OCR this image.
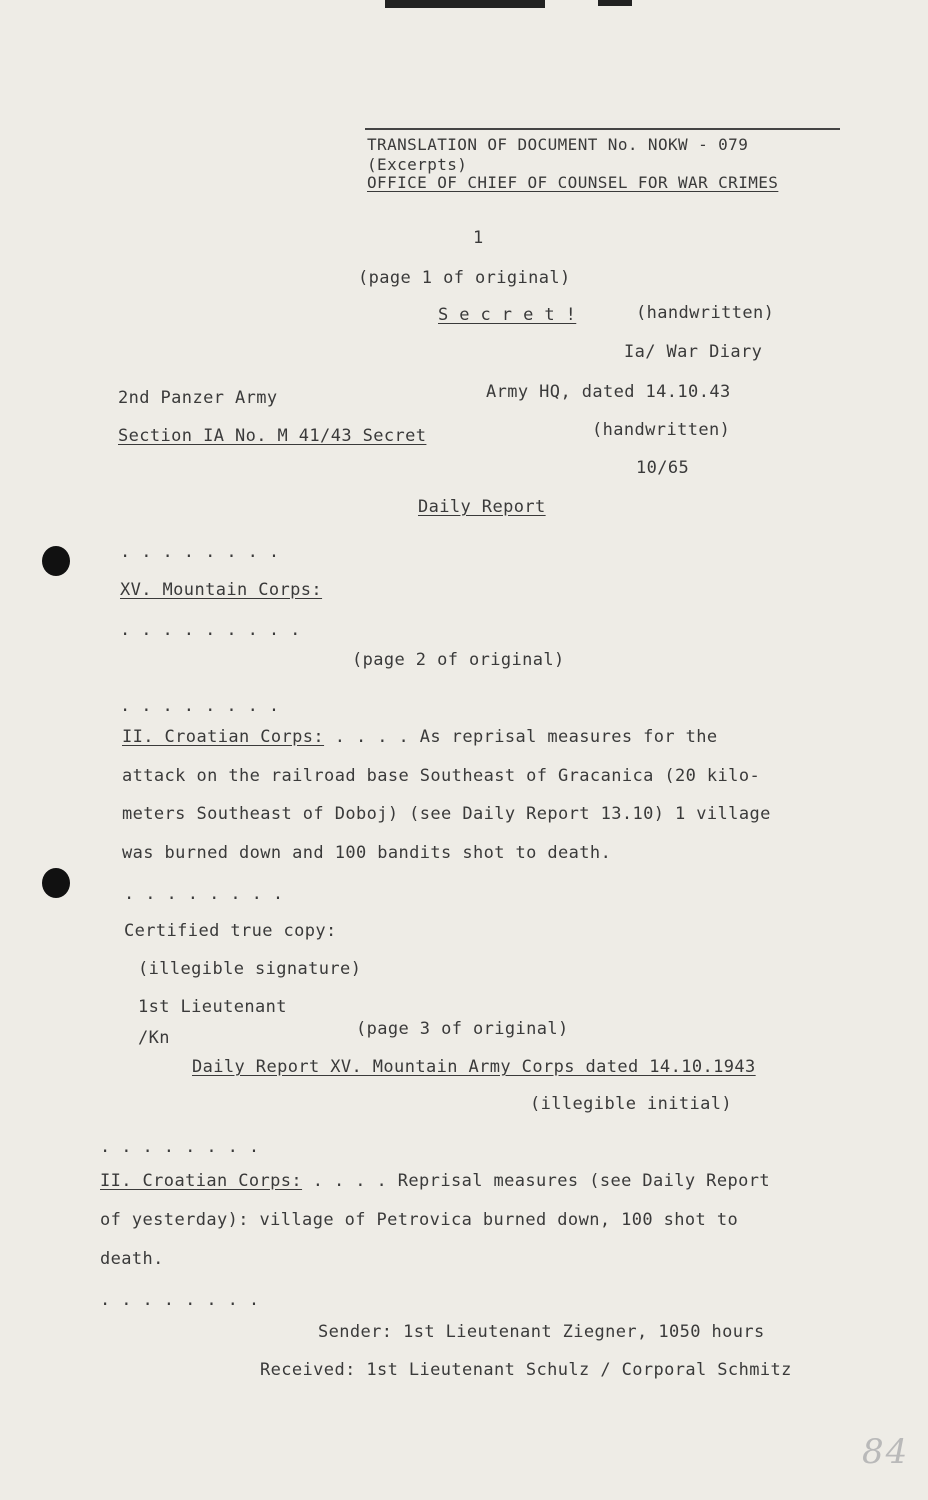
TRANSLATION OF DOCUMENT No. NOKW - 079
(Excerpts)
OFFICE OF CHIEF OF COUNSEL FOR WAR CRIMES
1
(page 1 of original)
S e c r e t !	(handwritten)
Ia/ War Diary
2nd Panzer Army	Army HQ, dated 14.10.43
Section IA No. M 41/43 Secret	(handwritten)
10/65
Daily Report
. . . . . . . .
XV. Mountain Corps:
. . . . . . . . .
(page 2 of original)
. . . . . . . .
II. Croatian Corps: . . . . As reprisal measures for the
attack on the railroad base Southeast of Gracanica (20 kilo-
meters Southeast of Doboj) (see Daily Report 13.10) 1 village
was burned down and 100 bandits shot to death.
. . . . . . . .
Certified true copy:
(illegible signature)
1st Lieutenant
/Kn	(page 3 of original)
Daily Report XV. Mountain Army Corps dated 14.10.1943
(illegible initial)
. . . . . . . .
II. Croatian Corps: . . . . Reprisal measures (see Daily Report
of yesterday): village of Petrovica burned down, 100 shot to
death.
. . . . . . . .
Sender: 1st Lieutenant Ziegner, 1050 hours
Received: 1st Lieutenant Schulz / Corporal Schmitz
84
